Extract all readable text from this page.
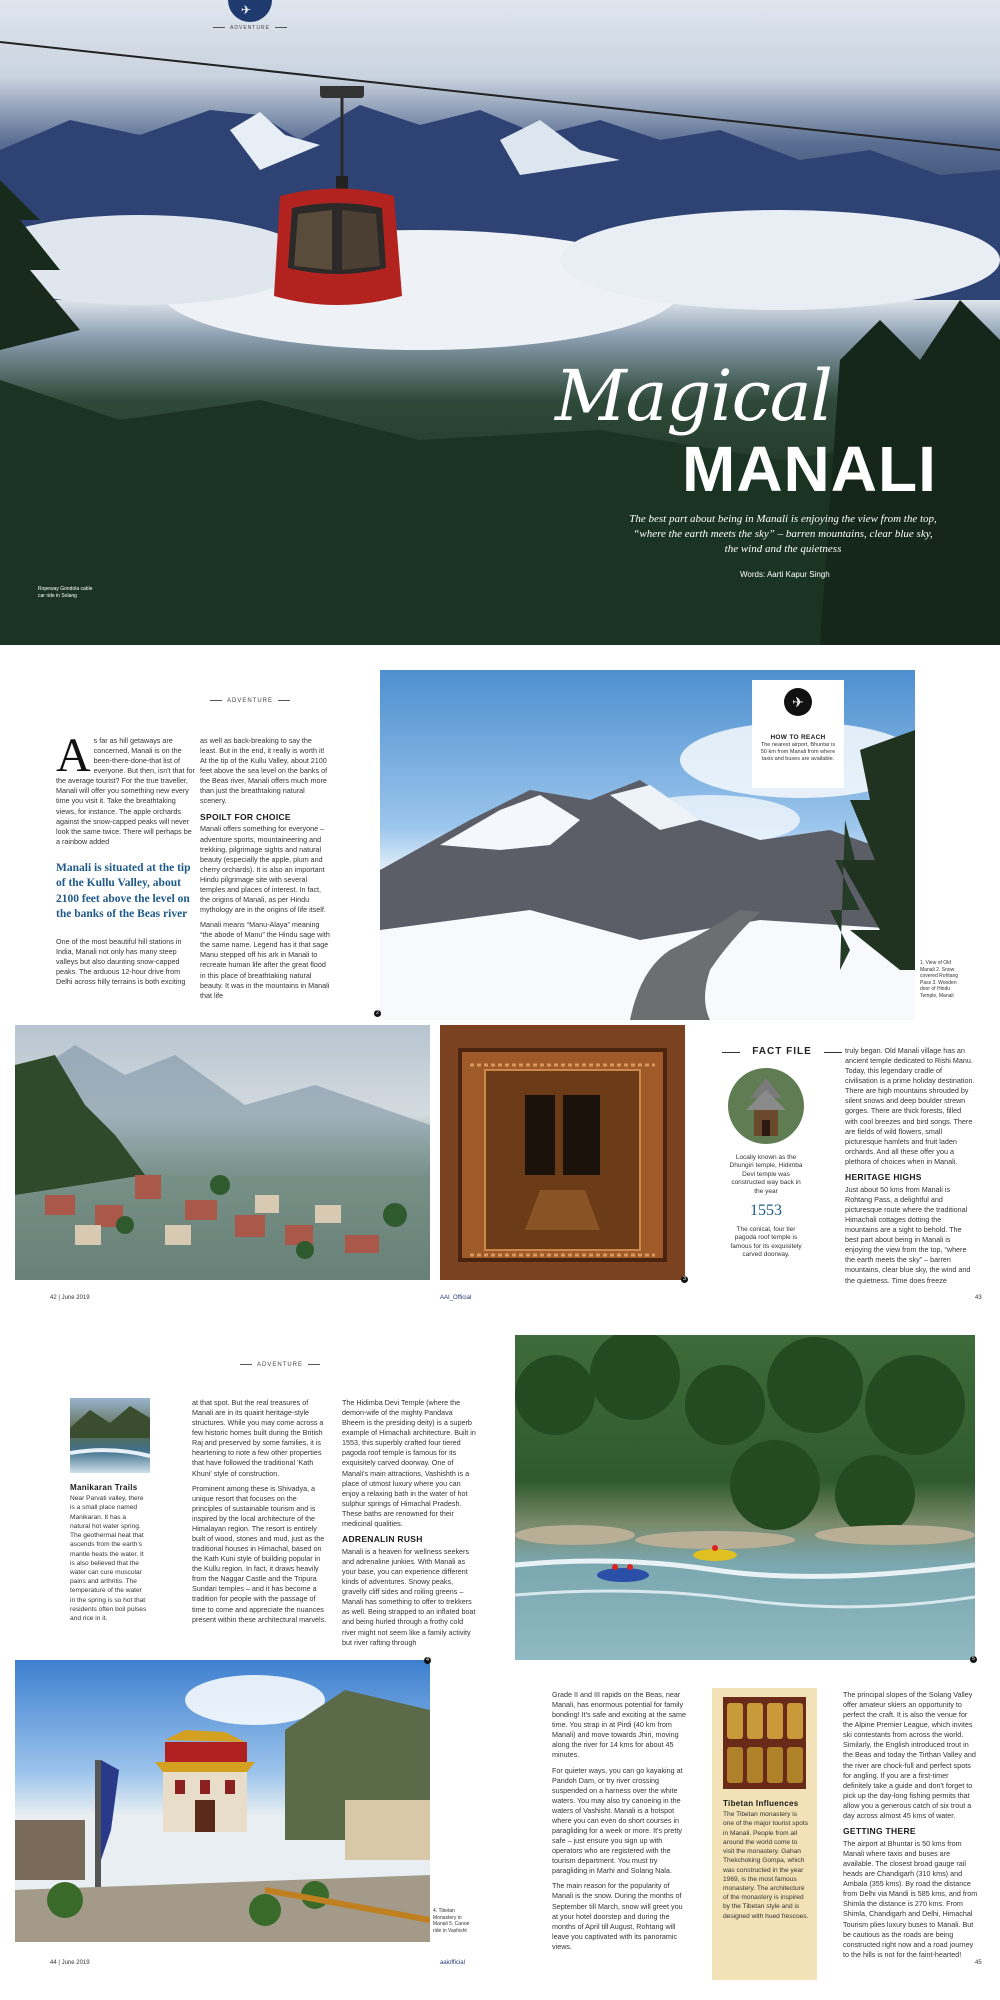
✈
ADVENTURE
Magical
MANALI
The best part about being in Manali is enjoying the view from the top, “where the earth meets the sky” – barren mountains, clear blue sky, the wind and the quietness
Words: Aarti Kapur Singh
Ropeway Gondola cable car ride in Solang
ADVENTURE

As far as hill getaways are concerned, Manali is on the been-there-done-that list of everyone. But then, isn't that for the average tourist? For the true traveller, Manali will offer you something new every time you visit it. Take the breathtaking views, for instance. The apple orchards against the snow-capped peaks will never look the same twice. There will perhaps be a rainbow added

Manali is situated at the tip of the Kullu Valley, about 2100 feet above the level on the banks of the Beas river

One of the most beautiful hill stations in India, Manali not only has many steep valleys but also daunting snow-capped peaks. The arduous 12-hour drive from Delhi across hilly terrains is both exciting

as well as back-breaking to say the least. But in the end, it really is worth it! At the tip of the Kullu Valley, about 2100 feet above the sea level on the banks of the Beas river, Manali offers much more than just the breathtaking natural scenery.

SPOILT FOR CHOICE

Manali offers something for everyone – adventure sports, mountaineering and trekking, pilgrimage sights and natural beauty (especially the apple, plum and cherry orchards). It is also an important Hindu pilgrimage site with several temples and places of interest. In fact, the origins of Manali, as per Hindu mythology are in the origins of life itself.

Manali means “Manu-Alaya” meaning “the abode of Manu” the Hindu sage with the same name. Legend has it that sage Manu stepped off his ark in Manali to recreate human life after the great flood in this place of breathtaking natural beauty. It was in the mountains in Manali that life

✈
HOW TO REACH
The nearest airport, Bhuntar is 50 km from Manali from where taxis and buses are available.
1. View of Old Manali 2. Snow covered Rohtang Pass 3. Wooden door of Hindu Temple, Manali
2
3
FACT FILE
Locally known as the Dhungiri temple, Hidimba Devi temple was constructed way back in the year
1553
The conical, four tier pagoda roof temple is famous for its exquisitely carved doorway.

truly began. Old Manali village has an ancient temple dedicated to Rishi Manu. Today, this legendary cradle of civilisation is a prime holiday destination. There are high mountains shrouded by silent snows and deep boulder strewn gorges. There are thick forests, filled with cool breezes and bird songs. There are fields of wild flowers, small picturesque hamlets and fruit laden orchards. And all these offer you a plethora of choices when in Manali.

HERITAGE HIGHS

Just about 50 kms from Manali is Rohtang Pass, a delightful and picturesque route where the traditional Himachali cottages dotting the mountains are a sight to behold. The best part about being in Manali is enjoying the view from the top, “where the earth meets the sky” – barren mountains, clear blue sky, the wind and the quietness. Time does freeze

42 | June 2019	AAI_Official	43
ADVENTURE
Manikaran Trails

Near Parvati valley, there is a small place named Manikaran. It has a natural hot water spring. The geothermal heat that ascends from the earth's mantle heats the water. It is also believed that the water can cure muscular pains and arthritis. The temperature of the water in the spring is so hot that residents often boil pulses and rice in it.

at that spot. But the real treasures of Manali are in its quaint heritage-style structures. While you may come across a few historic homes built during the British Raj and preserved by some families, it is heartening to note a few other properties that have followed the traditional 'Kath Khuni' style of construction.

Prominent among these is Shivadya, a unique resort that focuses on the principles of sustainable tourism and is inspired by the local architecture of the Himalayan region. The resort is entirely built of wood, stones and mud, just as the traditional houses in Himachal, based on the Kath Kuni style of building popular in the Kullu region. In fact, it draws heavily from the Naggar Castle and the Tripura Sundari temples – and it has become a tradition for people with the passage of time to come and appreciate the nuances present within these architectural marvels.

The Hidimba Devi Temple (where the demon-wife of the mighty Pandava Bheem is the presiding deity) is a superb example of Himachali architecture. Built in 1553, this superbly crafted four tiered pagoda roof temple is famous for its exquisitely carved doorway. One of Manali's main attractions, Vashishth is a place of utmost luxury where you can enjoy a relaxing bath in the water of hot sulphur springs of Himachal Pradesh. These baths are renowned for their medicinal qualities.

ADRENALIN RUSH

Manali is a heaven for wellness seekers and adrenaline junkies. With Manali as your base, you can experience different kinds of adventures. Snowy peaks, gravelly cliff sides and roiling greens – Manali has something to offer to trekkers as well. Being strapped to an inflated boat and being hurled through a frothy cold river might not seem like a family activity but river rafting through

5
4
4. Tibetan Monastery in Manali 5. Canoe ride in Vashisht

Grade II and III rapids on the Beas, near Manali, has enormous potential for family bonding! It's safe and exciting at the same time. You strap in at Pirdi (40 km from Manali) and move towards Jhiri, moving along the river for 14 kms for about 45 minutes.

For quieter ways, you can go kayaking at Pandoh Dam, or try river crossing suspended on a harness over the white waters. You may also try canoeing in the waters of Vashisht. Manali is a hotspot where you can even do short courses in paragliding for a week or more. It's pretty safe – just ensure you sign up with operators who are registered with the tourism department. You must try paragliding in Marhi and Solang Nala.

The main reason for the popularity of Manali is the snow. During the months of September till March, snow will greet you at your hotel doorstep and during the months of April till August, Rohtang will leave you captivated with its panoramic views.

Tibetan Influences

The Tibetan monastery is one of the major tourist spots in Manali. People from all around the world come to visit the monastery. Gahan Thekchoking Gompa, which was constructed in the year 1969, is the most famous monastery. The architecture of the monastery is inspired by the Tibetan style and is designed with hued frescoes.

The principal slopes of the Solang Valley offer amateur skiers an opportunity to perfect the craft. It is also the venue for the Alpine Premier League, which invites ski contestants from across the world. Similarly, the English introduced trout in the Beas and today the Tirthan Valley and the river are chock-full and perfect spots for angling. If you are a first-timer definitely take a guide and don't forget to pick up the day-long fishing permits that allow you a generous catch of six trout a day across almost 45 kms of water.

GETTING THERE

The airport at Bhuntar is 50 kms from Manali where taxis and buses are available. The closest broad gauge rail heads are Chandigarh (310 kms) and Ambala (355 kms). By road the distance from Delhi via Mandi is 585 kms, and from Shimla the distance is 270 kms. From Shimla, Chandigarh and Delhi, Himachal Tourism plies luxury buses to Manali. But be cautious as the roads are being constructed right now and a road journey to the hills is not for the faint-hearted!

44 | June 2019	aaiofficial	45
